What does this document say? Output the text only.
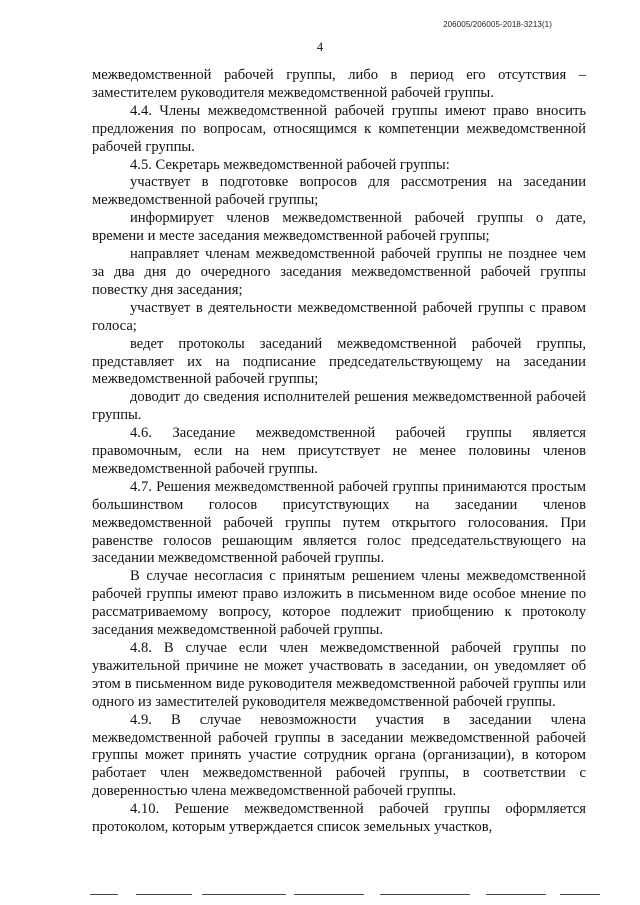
206005/206005-2018-3213(1)
4

межведомственной рабочей группы, либо в период его отсутствия – заместителем руководителя межведомственной рабочей группы.

4.4. Члены межведомственной рабочей группы имеют право вносить предложения по вопросам, относящимся к компетенции межведомственной рабочей группы.

4.5. Секретарь межведомственной рабочей группы:

участвует в подготовке вопросов для рассмотрения на заседании межведомственной рабочей группы;

информирует членов межведомственной рабочей группы о дате, времени и месте заседания межведомственной рабочей группы;

направляет членам межведомственной рабочей группы не позднее чем за два дня до очередного заседания межведомственной рабочей группы повестку дня заседания;

участвует в деятельности межведомственной рабочей группы с правом голоса;

ведет протоколы заседаний межведомственной рабочей группы, представляет их на подписание председательствующему на заседании межведомственной рабочей группы;

доводит до сведения исполнителей решения межведомственной рабочей группы.

4.6. Заседание межведомственной рабочей группы является правомочным, если на нем присутствует не менее половины членов межведомственной рабочей группы.

4.7. Решения межведомственной рабочей группы принимаются простым большинством голосов присутствующих на заседании членов межведомственной рабочей группы путем открытого голосования. При равенстве голосов решающим является голос председательствующего на заседании межведомственной рабочей группы.

В случае несогласия с принятым решением члены межведомственной рабочей группы имеют право изложить в письменном виде особое мнение по рассматриваемому вопросу, которое подлежит приобщению к протоколу заседания межведомственной рабочей группы.

4.8. В случае если член межведомственной рабочей группы по уважительной причине не может участвовать в заседании, он уведомляет об этом в письменном виде руководителя межведомственной рабочей группы или одного из заместителей руководителя межведомственной рабочей группы.

4.9. В случае невозможности участия в заседании члена межведомственной рабочей группы в заседании межведомственной рабочей группы может принять участие сотрудник органа (организации), в котором работает член межведомственной рабочей группы, в соответствии с доверенностью члена межведомственной рабочей группы.

4.10. Решение межведомственной рабочей группы оформляется протоколом, которым утверждается список земельных участков,
